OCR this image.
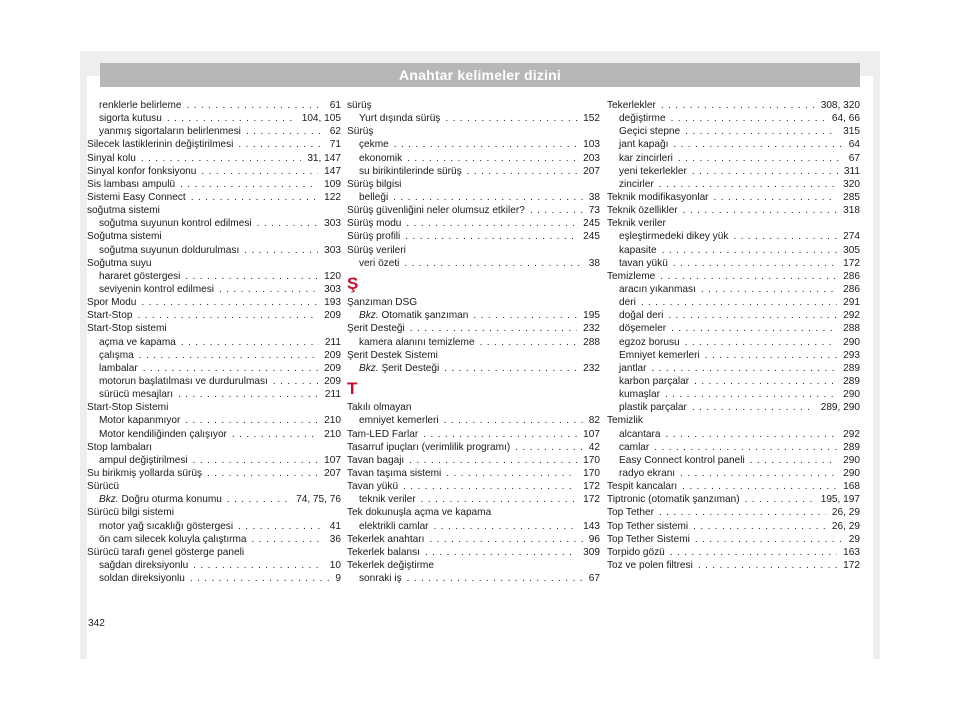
Anahtar kelimeler dizini
renklerle belirleme . . .	61
sigorta kutusu . . .	104, 105
yanmış sigortaların belirlenmesi . . .	62
Silecek lastiklerinin değiştirilmesi . . .	71
Sinyal kolu . . .	31, 147
Sinyal konfor fonksiyonu . . .	147
Sis lambası ampulü . . .	109
Sistemi Easy Connect . . .	122
soğutma sistemi
soğutma suyunun kontrol edilmesi . . .	303
Soğutma sistemi
soğutma suyunun doldurulması . . .	303
Soğutma suyu
hararet göstergesi . . .	120
seviyenin kontrol edilmesi . . .	303
Spor Modu . . .	193
Start-Stop . . .	209
Start-Stop sistemi
açma ve kapama . . .	211
çalışma . . .	209
lambalar . . .	209
motorun başlatılması ve durdurulması . . .	209
sürücü mesajları . . .	211
Start-Stop Sistemi
Motor kapanmıyor . . .	210
Motor kendiliğinden çalışıyor . . .	210
Stop lambaları
ampul değiştirilmesi . . .	107
Su birikmiş yollarda sürüş . . .	207
Sürücü
Bkz. Doğru oturma konumu . . .	74, 75, 76
Sürücü bilgi sistemi
motor yağ sıcaklığı göstergesi . . .	41
ön cam silecek koluyla çalıştırma . . .	36
Sürücü tarafı genel gösterge paneli
sağdan direksiyonlu . . .	10
soldan direksiyonlu . . .	9
sürüş
Yurt dışında sürüş . . .	152
Sürüş
çekme . . .	103
ekonomik . . .	203
su birikintilerinde sürüş . . .	207
Sürüş bilgisi
belleği . . .	38
Sürüş güvenliğini neler olumsuz etkiler? . . .	73
Sürüş modu . . .	245
Sürüş profili . . .	245
Sürüş verileri
veri özeti . . .	38
Ş
Şanzıman DSG
Bkz. Otomatik şanzıman . . .	195
Şerit Desteği . . .	232
kamera alanını temizleme . . .	288
Şerit Destek Sistemi
Bkz. Şerit Desteği . . .	232
T
Takılı olmayan
emniyet kemerleri . . .	82
Tam-LED Farlar . . .	107
Tasarruf ipuçları (verimlilik programı) . . .	42
Tavan bagajı . . .	170
Tavan taşıma sistemi . . .	170
Tavan yükü . . .	172
teknik veriler . . .	172
Tek dokunuşla açma ve kapama
elektrikli camlar . . .	143
Tekerlek anahtarı . . .	96
Tekerlek balansı . . .	309
Tekerlek değiştirme
sonraki iş . . .	67
Tekerlekler . . .	308, 320
değiştirme . . .	64, 66
Geçici stepne . . .	315
jant kapağı . . .	64
kar zincirleri . . .	67
yeni tekerlekler . . .	311
zincirler . . .	320
Teknik modifikasyonlar . . .	285
Teknik özellikler . . .	318
Teknik veriler
eşleştirmedeki dikey yük . . .	274
kapasite . . .	305
tavan yükü . . .	172
Temizleme . . .	286
aracın yıkanması . . .	286
deri . . .	291
doğal deri . . .	292
döşemeler . . .	288
egzoz borusu . . .	290
Emniyet kemerleri . . .	293
jantlar . . .	289
karbon parçalar . . .	289
kumaşlar . . .	290
plastik parçalar . . .	289, 290
Temizlik
alcantara . . .	292
camlar . . .	289
Easy Connect kontrol paneli . . .	290
radyo ekranı . . .	290
Tespit kancaları . . .	168
Tiptronic (otomatik şanzıman) . . .	195, 197
Top Tether . . .	26, 29
Top Tether sistemi . . .	26, 29
Top Tether Sistemi . . .	29
Torpido gözü . . .	163
Toz ve polen filtresi . . .	172
342
